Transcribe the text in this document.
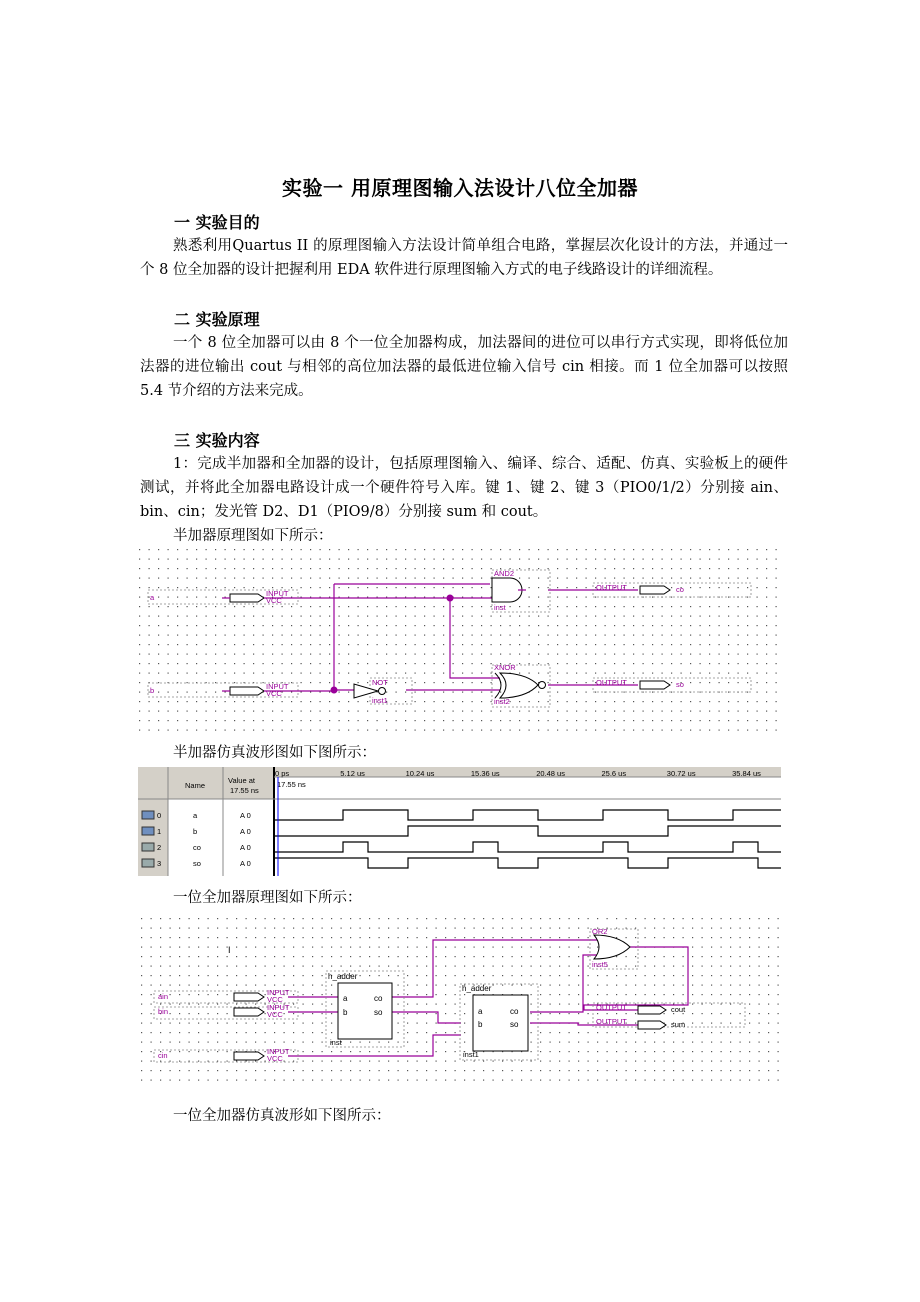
实验一 用原理图输入法设计八位全加器
一 实验目的

熟悉利用Quartus II 的原理图输入方法设计简单组合电路，掌握层次化设计的方法，并通过一个 8 位全加器的设计把握利用 EDA 软件进行原理图输入方式的电子线路设计的详细流程。

二 实验原理

一个 8 位全加器可以由 8 个一位全加器构成，加法器间的进位可以串行方式实现，即将低位加法器的进位输出 cout 与相邻的高位加法器的最低进位输入信号 cin 相接。而 1 位全加器可以按照 5.4 节介绍的方法来完成。

三 实验内容

1：完成半加器和全加器的设计，包括原理图输入、编译、综合、适配、仿真、实验板上的硬件测试，并将此全加器电路设计成一个硬件符号入库。键 1、键 2、键 3（PIO0/1/2）分别接 ain、bin、cin；发光管 D2、D1（PIO9/8）分别接 sum 和 cout。

半加器原理图如下所示：
a
b
INPUT
VCC
INPUT
VCC
AND2
inst
NOT
inst1
XNOR
inst2
OUTPUT
OUTPUT
co
so
半加器仿真波形图如下图所示：
Name
Value at
17.55 ns
17.55 ns
0 ps	5.12 us	10.24 us	15.36 us	20.48 us	25.6 us	30.72 us	35.84 us
0	a	A 0
1	b	A 0
2	co	A 0
3	so	A 0
一位全加器原理图如下所示：
I
ain
bin
cin
INPUT
VCC
INPUT
VCC
INPUT
VCC
OR2
inst5
OUTPUT
OUTPUT
h_adder
a
b
co
so
inst
h_adder
a
b
co
so
inst1
cout
sum
一位全加器仿真波形如下图所示：
